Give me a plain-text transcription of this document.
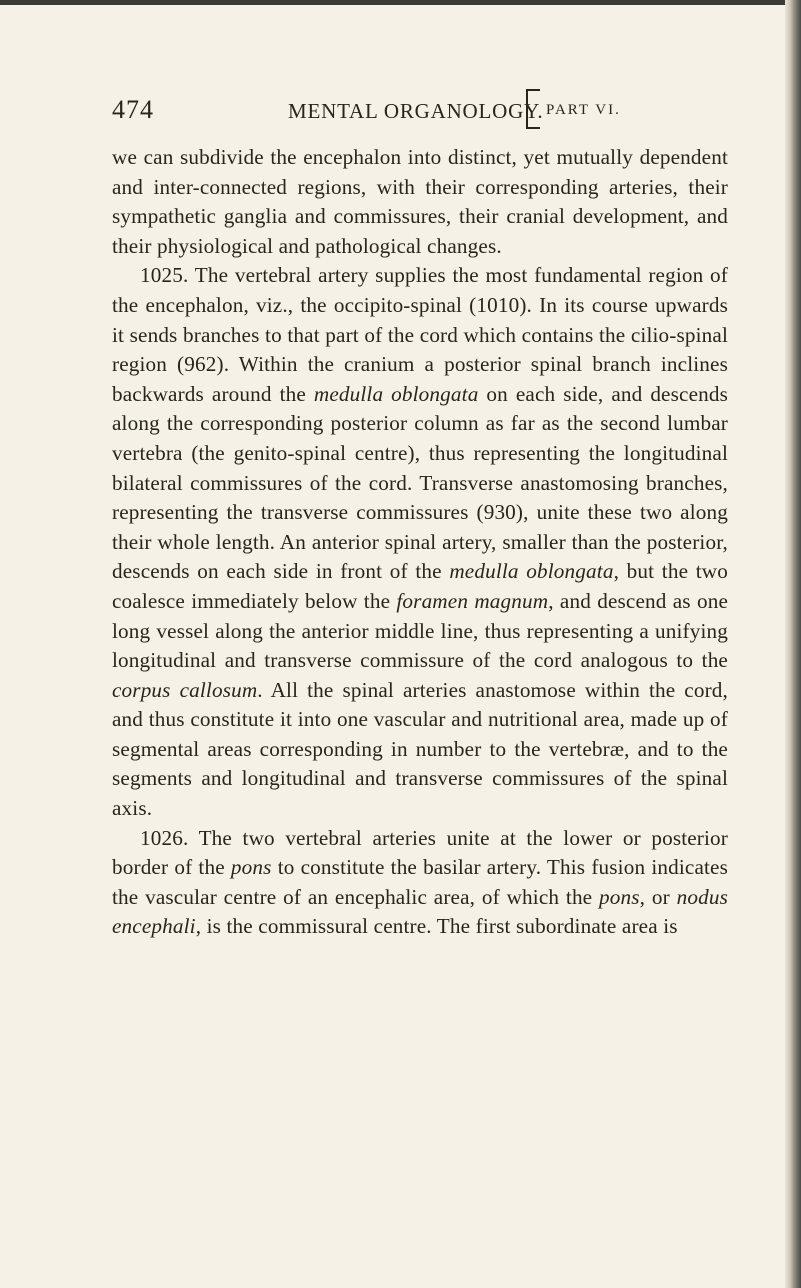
474	MENTAL ORGANOLOGY. PART VI.

we can subdivide the encephalon into distinct, yet mutually dependent and inter-connected regions, with their corresponding arteries, their sympathetic ganglia and commissures, their cranial development, and their physiological and pathological changes.

1025. The vertebral artery supplies the most fundamental region of the encephalon, viz., the occipito-spinal (1010). In its course upwards it sends branches to that part of the cord which contains the cilio-spinal region (962). Within the cranium a posterior spinal branch inclines backwards around the medulla oblongata on each side, and descends along the corresponding posterior column as far as the second lumbar vertebra (the genito-spinal centre), thus representing the longitudinal bilateral commissures of the cord. Transverse anastomosing branches, representing the transverse commissures (930), unite these two along their whole length. An anterior spinal artery, smaller than the posterior, descends on each side in front of the medulla oblongata, but the two coalesce immediately below the foramen magnum, and descend as one long vessel along the anterior middle line, thus representing a unifying longitudinal and transverse commissure of the cord analogous to the corpus callosum. All the spinal arteries anastomose within the cord, and thus constitute it into one vascular and nutritional area, made up of segmental areas corresponding in number to the vertebræ, and to the segments and longitudinal and transverse commissures of the spinal axis.

1026. The two vertebral arteries unite at the lower or posterior border of the pons to constitute the basilar artery. This fusion indicates the vascular centre of an encephalic area, of which the pons, or nodus encephali, is the commissural centre. The first subordinate area is
